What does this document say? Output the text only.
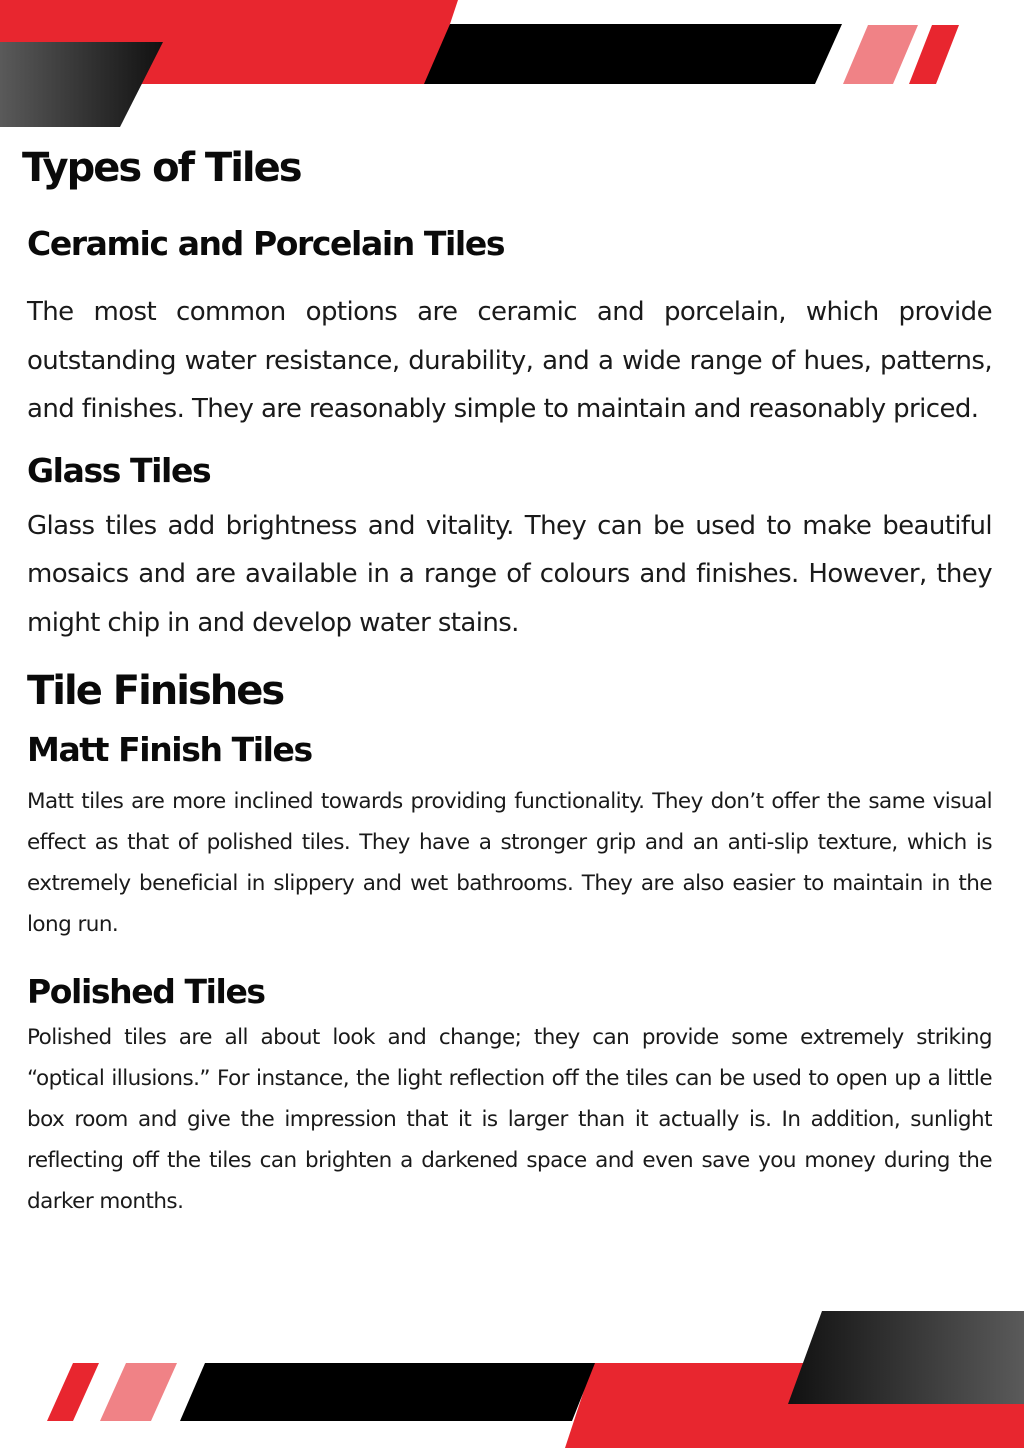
Types of Tiles
Ceramic and Porcelain Tiles

The most common options are ceramic and porcelain, which provide outstanding water resistance, durability, and a wide range of hues, patterns, and finishes. They are reasonably simple to maintain and reasonably priced.

Glass Tiles

Glass tiles add brightness and vitality. They can be used to make beautiful mosaics and are available in a range of colours and finishes. However, they might chip in and develop water stains.

Tile Finishes
Matt Finish Tiles

Matt tiles are more inclined towards providing functionality. They don’t offer the same visual effect as that of polished tiles. They have a stronger grip and an anti-slip texture, which is extremely beneficial in slippery and wet bathrooms. They are also easier to maintain in the long run.

Polished Tiles

Polished tiles are all about look and change; they can provide some extremely striking “optical illusions.” For instance, the light reflection off the tiles can be used to open up a little box room and give the impression that it is larger than it actually is. In addition, sunlight reflecting off the tiles can brighten a darkened space and even save you money during the darker months.
